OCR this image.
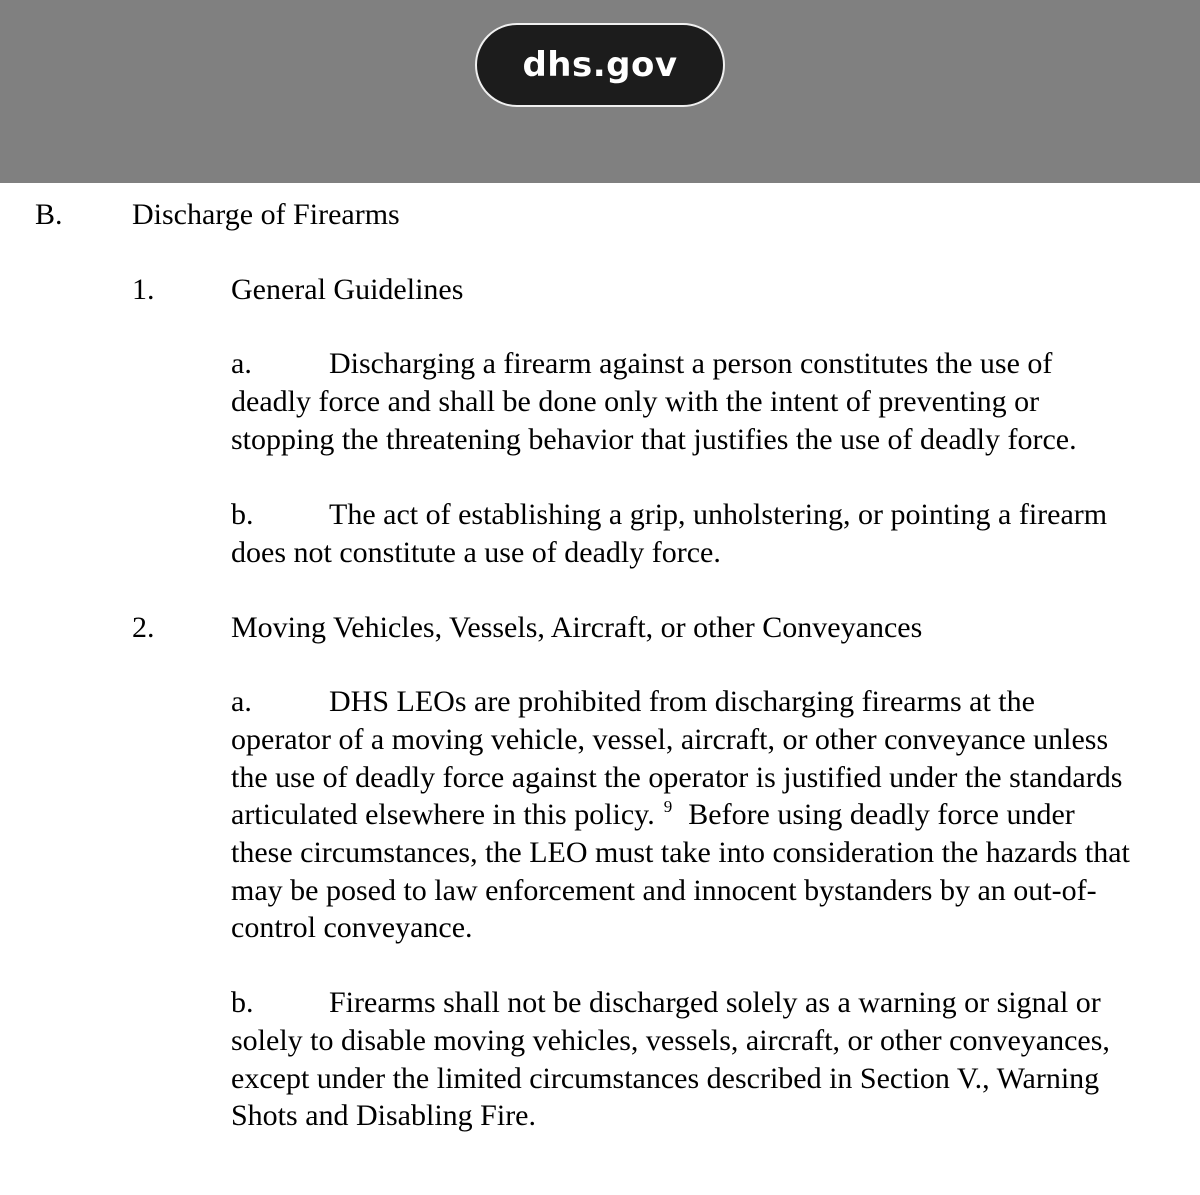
dhs.gov
B. Discharge of Firearms
1.	General Guidelines
a.	Discharging a firearm against a person constitutes the use of
deadly force and shall be done only with the intent of preventing or
stopping the threatening behavior that justifies the use of deadly force.
b.	The act of establishing a grip, unholstering, or pointing a firearm
does not constitute a use of deadly force.
2.	Moving Vehicles, Vessels, Aircraft, or other Conveyances
a.	DHS LEOs are prohibited from discharging firearms at the
operator of a moving vehicle, vessel, aircraft, or other conveyance unless
the use of deadly force against the operator is justified under the standards
articulated elsewhere in this policy. $^9$ Before using deadly force under
these circumstances, the LEO must take into consideration the hazards that
may be posed to law enforcement and innocent bystanders by an out-of-
control conveyance.
b.	Firearms shall not be discharged solely as a warning or signal or
solely to disable moving vehicles, vessels, aircraft, or other conveyances,
except under the limited circumstances described in Section V., Warning
Shots and Disabling Fire.
